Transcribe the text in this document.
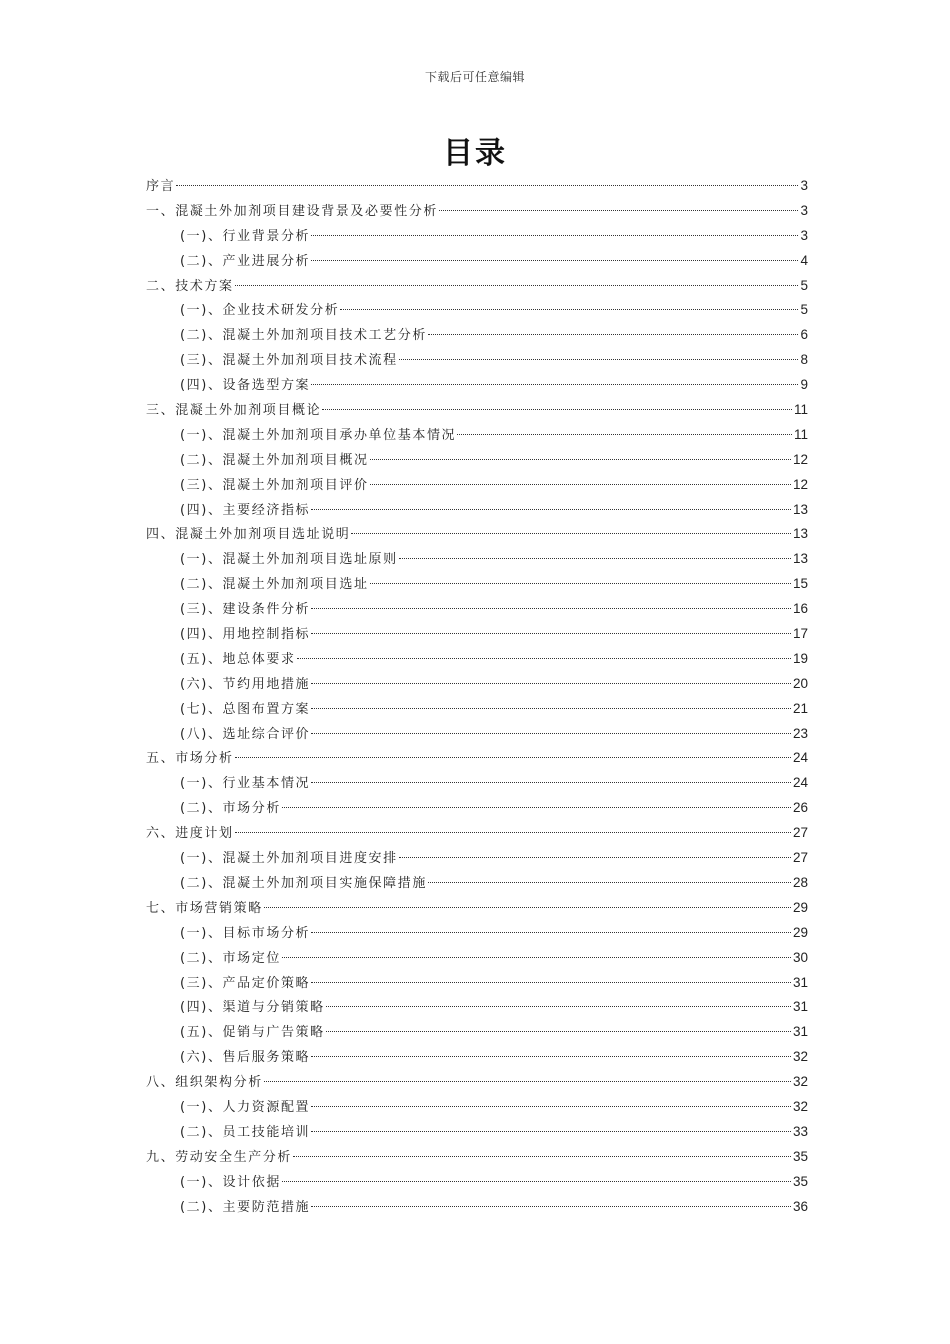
下载后可任意编辑
目录
序言	3
一、混凝土外加剂项目建设背景及必要性分析	3
(一)、行业背景分析	3
(二)、产业进展分析	4
二、技术方案	5
(一)、企业技术研发分析	5
(二)、混凝土外加剂项目技术工艺分析	6
(三)、混凝土外加剂项目技术流程	8
(四)、设备选型方案	9
三、混凝土外加剂项目概论	11
(一)、混凝土外加剂项目承办单位基本情况	11
(二)、混凝土外加剂项目概况	12
(三)、混凝土外加剂项目评价	12
(四)、主要经济指标	13
四、混凝土外加剂项目选址说明	13
(一)、混凝土外加剂项目选址原则	13
(二)、混凝土外加剂项目选址	15
(三)、建设条件分析	16
(四)、用地控制指标	17
(五)、地总体要求	19
(六)、节约用地措施	20
(七)、总图布置方案	21
(八)、选址综合评价	23
五、市场分析	24
(一)、行业基本情况	24
(二)、市场分析	26
六、进度计划	27
(一)、混凝土外加剂项目进度安排	27
(二)、混凝土外加剂项目实施保障措施	28
七、市场营销策略	29
(一)、目标市场分析	29
(二)、市场定位	30
(三)、产品定价策略	31
(四)、渠道与分销策略	31
(五)、促销与广告策略	31
(六)、售后服务策略	32
八、组织架构分析	32
(一)、人力资源配置	32
(二)、员工技能培训	33
九、劳动安全生产分析	35
(一)、设计依据	35
(二)、主要防范措施	36
